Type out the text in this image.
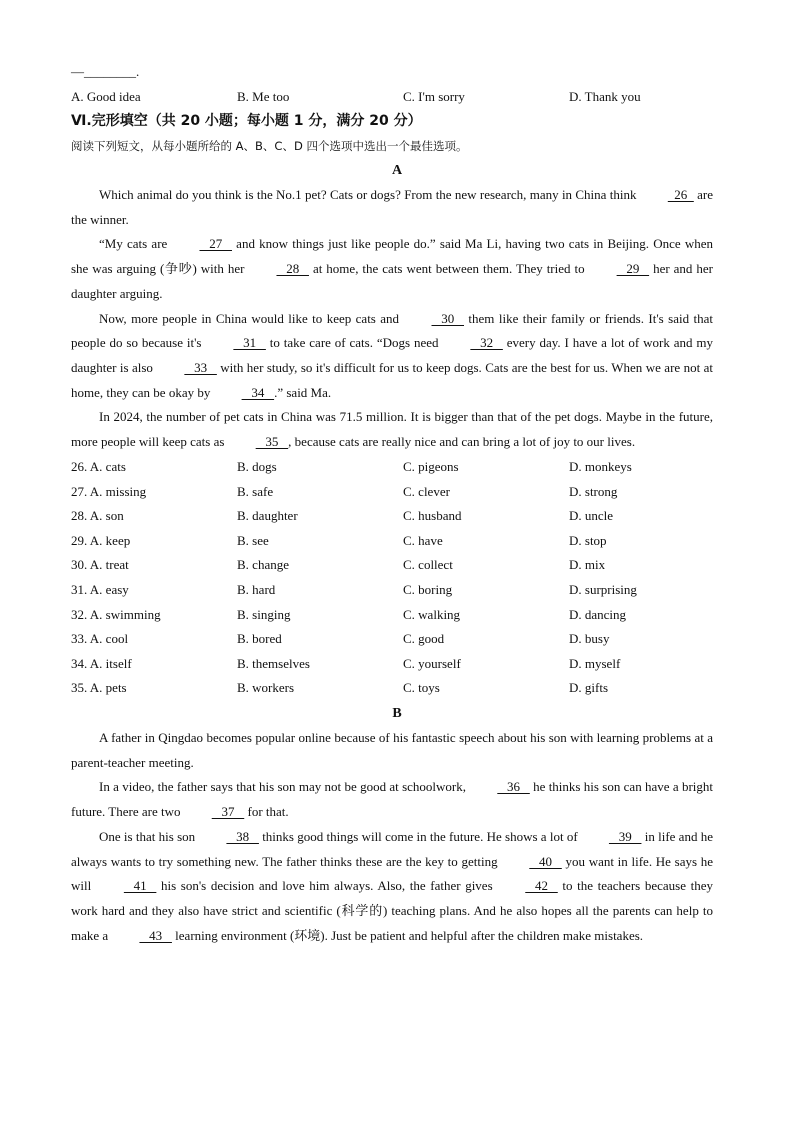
—________.
A. Good idea	B. Me too	C. I'm sorry	D. Thank you
Ⅵ.完形填空（共 20 小题；每小题 1 分，满分 20 分）
阅读下列短文，从每小题所给的 A、B、C、D 四个选项中选出一个最佳选项。
A

Which animal do you think is the No.1 pet? Cats or dogs? From the new research, many in China think   26   are the winner.

“My cats are    27    and know things just like people do.” said Ma Li, having two cats in Beijing. Once when she was arguing (争吵) with her    28    at home, the cats went between them. They tried to    29    her and her daughter arguing.

Now, more people in China would like to keep cats and    30    them like their family or friends. It's said that people do so because it's    31    to take care of cats. “Dogs need    32    every day. I have a lot of work and my daughter is also    33    with her study, so it's difficult for us to keep dogs. Cats are the best for us. When we are not at home, they can be okay by    34   .” said Ma.

In 2024, the number of pet cats in China was 71.5 million. It is bigger than that of the pet dogs. Maybe in the future, more people will keep cats as    35   , because cats are really nice and can bring a lot of joy to our lives.

26. A. cats	B. dogs	C. pigeons	D. monkeys
27. A. missing	B. safe	C. clever	D. strong
28. A. son	B. daughter	C. husband	D. uncle
29. A. keep	B. see	C. have	D. stop
30. A. treat	B. change	C. collect	D. mix
31. A. easy	B. hard	C. boring	D. surprising
32. A. swimming	B. singing	C. walking	D. dancing
33. A. cool	B. bored	C. good	D. busy
34. A. itself	B. themselves	C. yourself	D. myself
35. A. pets	B. workers	C. toys	D. gifts
B

A father in Qingdao becomes popular online because of his fantastic speech about his son with learning problems at a parent-teacher meeting.

In a video, the father says that his son may not be good at schoolwork,    36    he thinks his son can have a bright future. There are two    37    for that.

One is that his son    38    thinks good things will come in the future. He shows a lot of    39    in life and he always wants to try something new. The father thinks these are the key to getting    40    you want in life. He says he will    41    his son's decision and love him always. Also, the father gives    42    to the teachers because they work hard and they also have strict and scientific (科学的) teaching plans. And he also hopes all the parents can help to make a    43    learning environment (环境). Just be patient and helpful after the children make mistakes.
